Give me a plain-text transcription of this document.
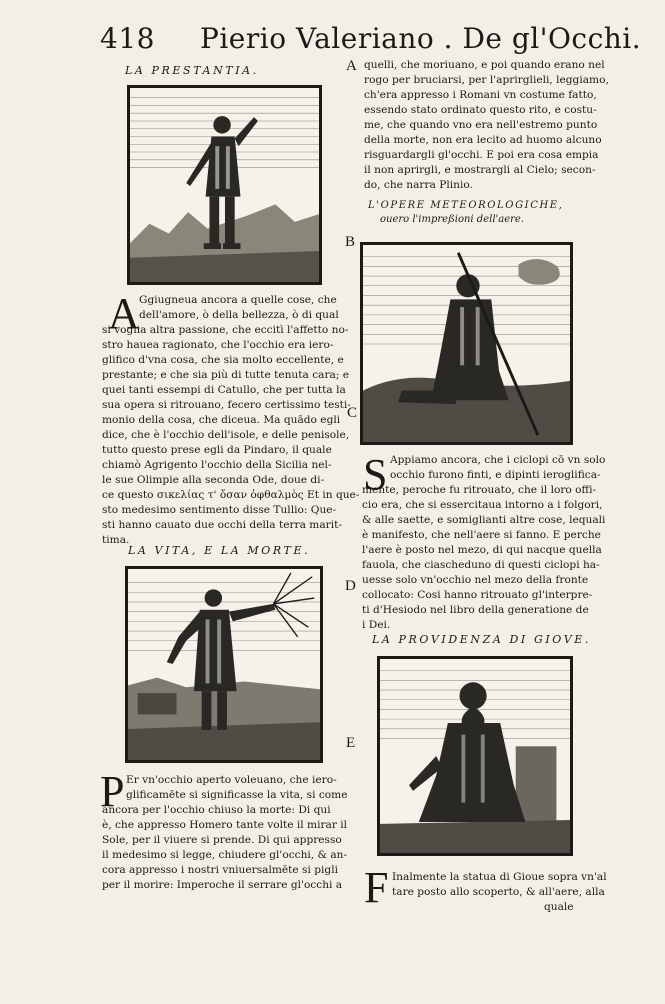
418 Pierio Valeriano . De gl'Occhi.
LA PRESTANTIA.
A Ggiugneua ancora a quelle cose, che
dell'amore, ò della bellezza, ò di qual
si voglia altra passione, che eccitì l'affetto no-
stro hauea ragionato, che l'occhio era iero-
glifico d'vna cosa, che sia molto eccellente, e
prestante; e che sia più di tutte tenuta cara; e
quei tanti essempi di Catullo, che per tutta la
sua opera si ritrouano, fecero certissimo testi-
monio della cosa, che diceua. Ma quādo egli
dice, che è l'occhio dell'isole, e delle penisole,
tutto questo prese egli da Pindaro, il quale
chiamò Agrigento l'occhio della Sicilia nel-
le sue Olimpie alla seconda Ode, doue di-
ce questo σικελίας τ' ὄσαν ὀφθαλμὸς Et in que-
sto medesimo sentimento disse Tullio: Que-
sti hanno cauato due occhi della terra marit-
tima.
LA VITA, E LA MORTE.
P Er vn'occhio aperto voleuano, che iero-
glificamēte si significasse la vita, si come
ancora per l'occhio chiuso la morte: Di qui
è, che appresso Homero tante volte il mirar il
Sole, per il viuere si prende. Di qui appresso
il medesimo si legge, chiudere gl'occhi, & an-
cora appresso i nostri vniuersalmēte si pigli
per il morire: Imperoche il serrare gl'occhi a
A
B
C
D
E
quelli, che moriuano, e poi quando erano nel
rogo per bruciarsi, per l'aprirglieli, leggiamo,
ch'era appresso i Romani vn costume fatto,
essendo stato ordinato questo rito, e costu-
me, che quando vno era nell'estremo punto
della morte, non era lecito ad huomo alcuno
risguardargli gl'occhi. E poi era cosa empia
il non aprirgli, e mostrargli al Cielo; secon-
do, che narra Plinio.
L'OPERE METEOROLOGICHE,
ouero l'impreßioni dell'aere.
S Appiamo ancora, che i ciclopi cō vn solo
occhio furono finti, e dipinti ieroglifica-
mente, peroche fu ritrouato, che il loro offi-
cio era, che si essercitaua intorno a i folgori,
& alle saette, e somiglianti altre cose, lequali
è manifesto, che nell'aere si fanno. E perche
l'aere è posto nel mezo, di qui nacque quella
fauola, che ciascheduno di questi ciclopi ha-
uesse solo vn'occhio nel mezo della fronte
collocato: Cosi hanno ritrouato gl'interpre-
ti d'Hesiodo nel libro della generatione de
i Dei.
LA PROVIDENZA DI GIOVE.
F Inalmente la statua di Gioue sopra vn'al
tare posto allo scoperto, & all'aere, alla
quale
